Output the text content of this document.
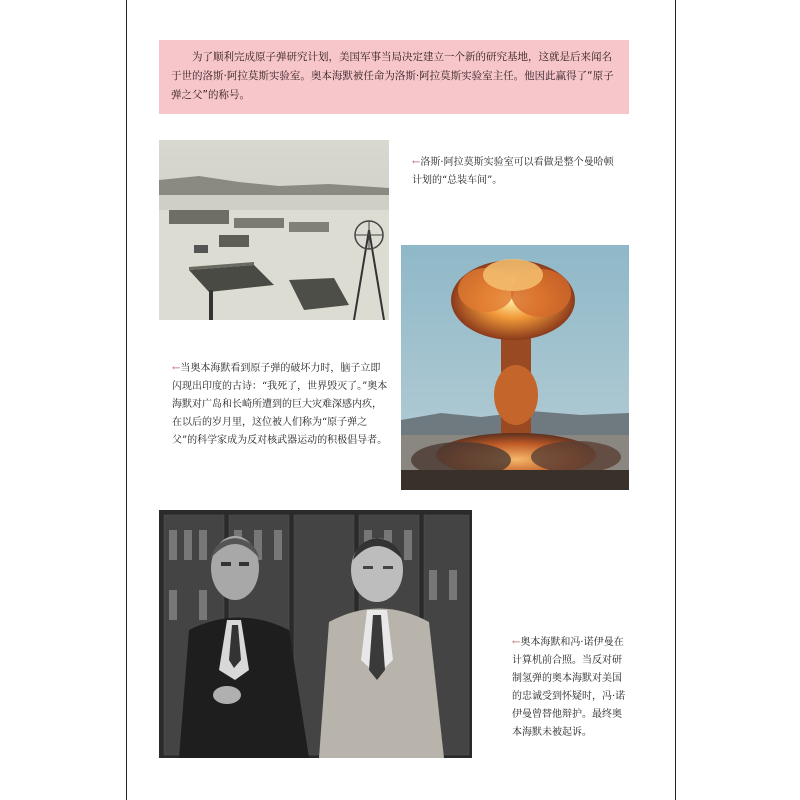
为了顺利完成原子弹研究计划，美国军事当局决定建立一个新的研究基地，这就是后来闻名于世的洛斯·阿拉莫斯实验室。奥本海默被任命为洛斯·阿拉莫斯实验室主任。他因此赢得了“原子弹之父”的称号。

←洛斯·阿拉莫斯实验室可以看做是整个曼哈顿计划的“总装车间”。
←当奥本海默看到原子弹的破坏力时，脑子立即闪现出印度的古诗：“我死了，世界毁灭了。”奥本海默对广岛和长崎所遭到的巨大灾难深感内疚，在以后的岁月里，这位被人们称为“原子弹之父”的科学家成为反对核武器运动的积极倡导者。
←奥本海默和冯·诺伊曼在计算机前合照。当反对研制氢弹的奥本海默对美国的忠诚受到怀疑时，冯·诺伊曼曾替他辩护。最终奥本海默未被起诉。
